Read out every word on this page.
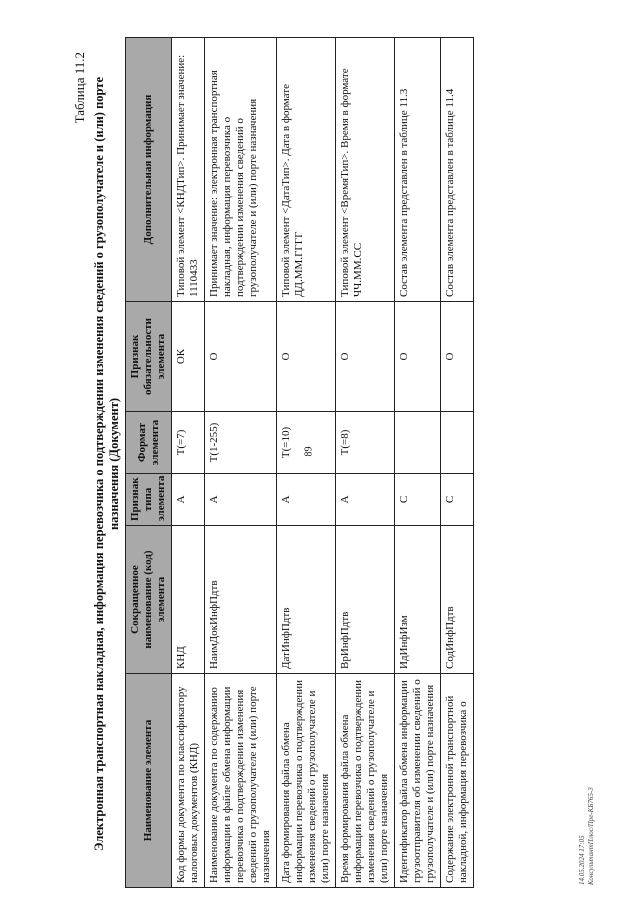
89
Таблица 11.2 Электронная транспортная накладная, информация перевозчика о подтверждении изменения сведений о грузополучателе и (или) порте назначения (Документ)
Наименование элемента	Сокращенное наименование (код) элемента	Признак типа элемента	Формат элемента	Признак обязательности элемента	Дополнительная информация
Код формы документа по классификатору налоговых документов (КНД)	КНД	А	Т(=7)	ОК	Типовой элемент <КНДТип>. Принимает значение: 1110433
Наименование документа по содержанию информации в файле обмена информации перевозчика о подтверждении изменения сведений о грузополучателе и (или) порте назначения	НаимДокИнфПдтв	А	Т(1-255)	О	Принимает значение: электронная транспортная накладная, информация перевозчика о подтверждении изменения сведений о грузополучателе и (или) порте назначения
Дата формирования файла обмена информации перевозчика о подтверждении изменения сведений о грузополучателе и (или) порте назначения	ДатИнфПдтв	А	Т(=10)	О	Типовой элемент <ДатаТип>. Дата в формате ДД.ММ.ГГГГ
Время формирования файла обмена информации перевозчика о подтверждении изменения сведений о грузополучателе и (или) порте назначения	ВрИнфПдтв	А	Т(=8)	О	Типовой элемент <ВремяТип>. Время в формате ЧЧ.ММ.СС
Идентификатор файла обмена информации грузоотправителя об изменении сведений о грузополучателе и (или) порте назначения	ИдИнфИзм	С		О	Состав элемента представлен в таблице 11.3
Содержание электронной транспортной накладной, информация перевозчика о	СодИнфПдтв	С		О	Состав элемента представлен в таблице 11.4
14.05.2024 17:05 КонсультантПлюс/Пре-КБ765-3
